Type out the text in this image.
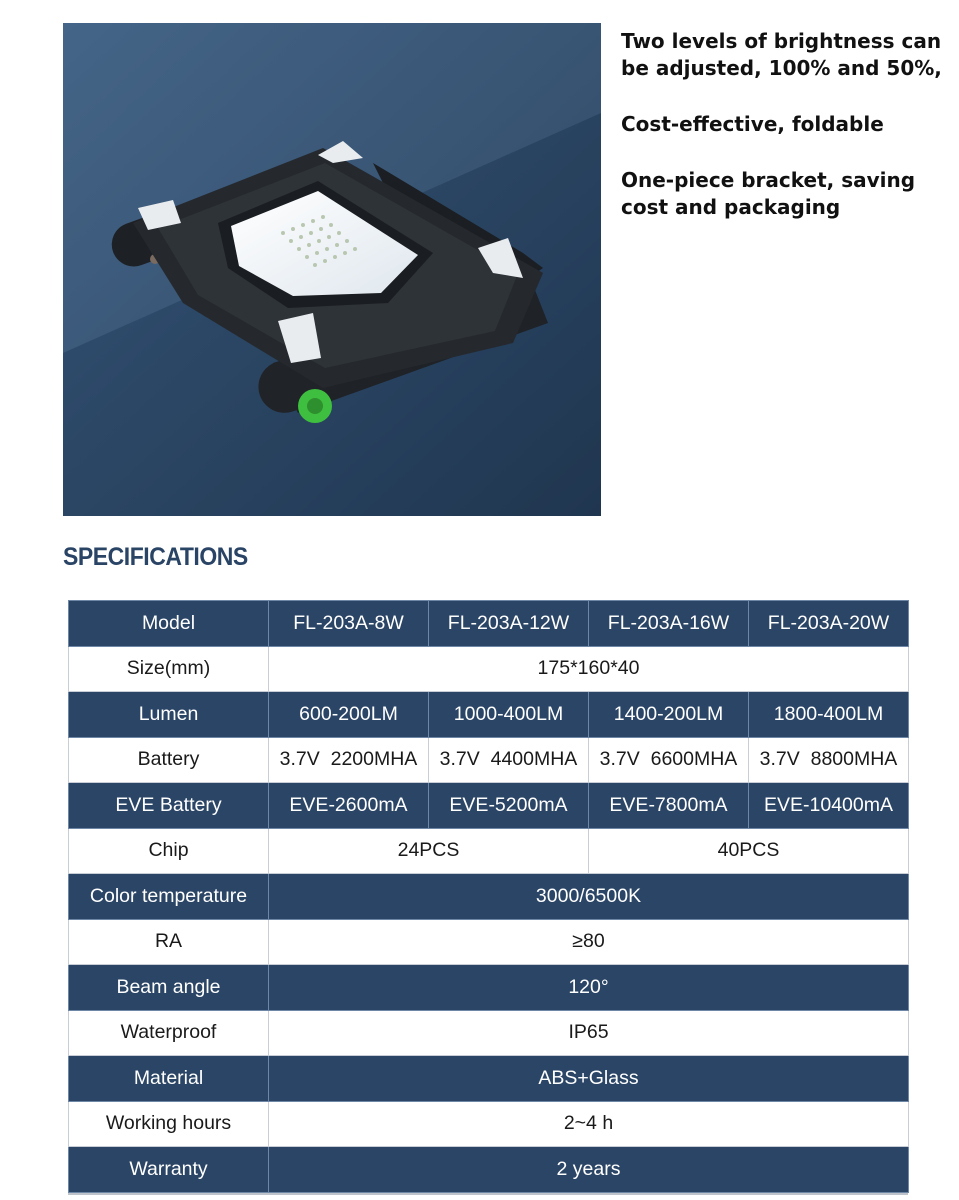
Two levels of brightness can be adjusted, 100% and 50%,

Cost-effective, foldable

One-piece bracket, saving cost and packaging

SPECIFICATIONS
Model	FL-203A-8W	FL-203A-12W	FL-203A-16W	FL-203A-20W
Size(mm)	175*160*40			
Lumen	600-200LM	1000-400LM	1400-200LM	1800-400LM
Battery	3.7V  2200MHA	3.7V  4400MHA	3.7V  6600MHA	3.7V  8800MHA
EVE Battery	EVE-2600mA	EVE-5200mA	EVE-7800mA	EVE-10400mA
Chip	24PCS		40PCS	
Color temperature	3000/6500K			
RA	≥80			
Beam angle	120°			
Waterproof	IP65			
Material	ABS+Glass			
Working hours	2~4 h			
Warranty	2 years			
